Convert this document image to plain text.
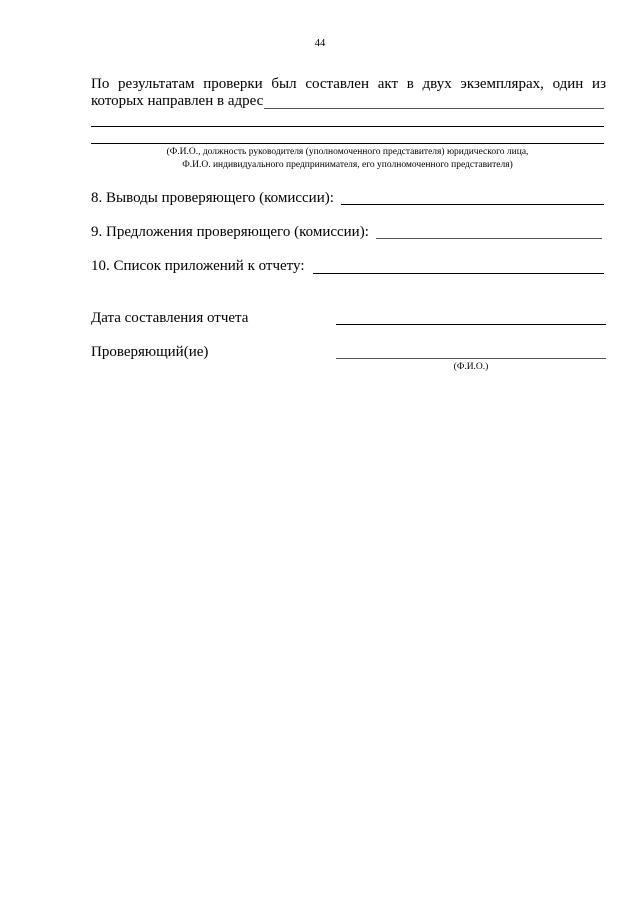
44
По результатам проверки был составлен акт в двух экземплярах, один из
которых направлен в адрес
(Ф.И.О., должность руководителя (уполномоченного представителя) юридического лица,
Ф.И.О. индивидуального предпринимателя, его уполномоченного представителя)
8. Выводы проверяющего (комиссии):
9. Предложения проверяющего (комиссии):
10. Список приложений к отчету:
Дата составления отчета
Проверяющий(ие)
(Ф.И.О.)
